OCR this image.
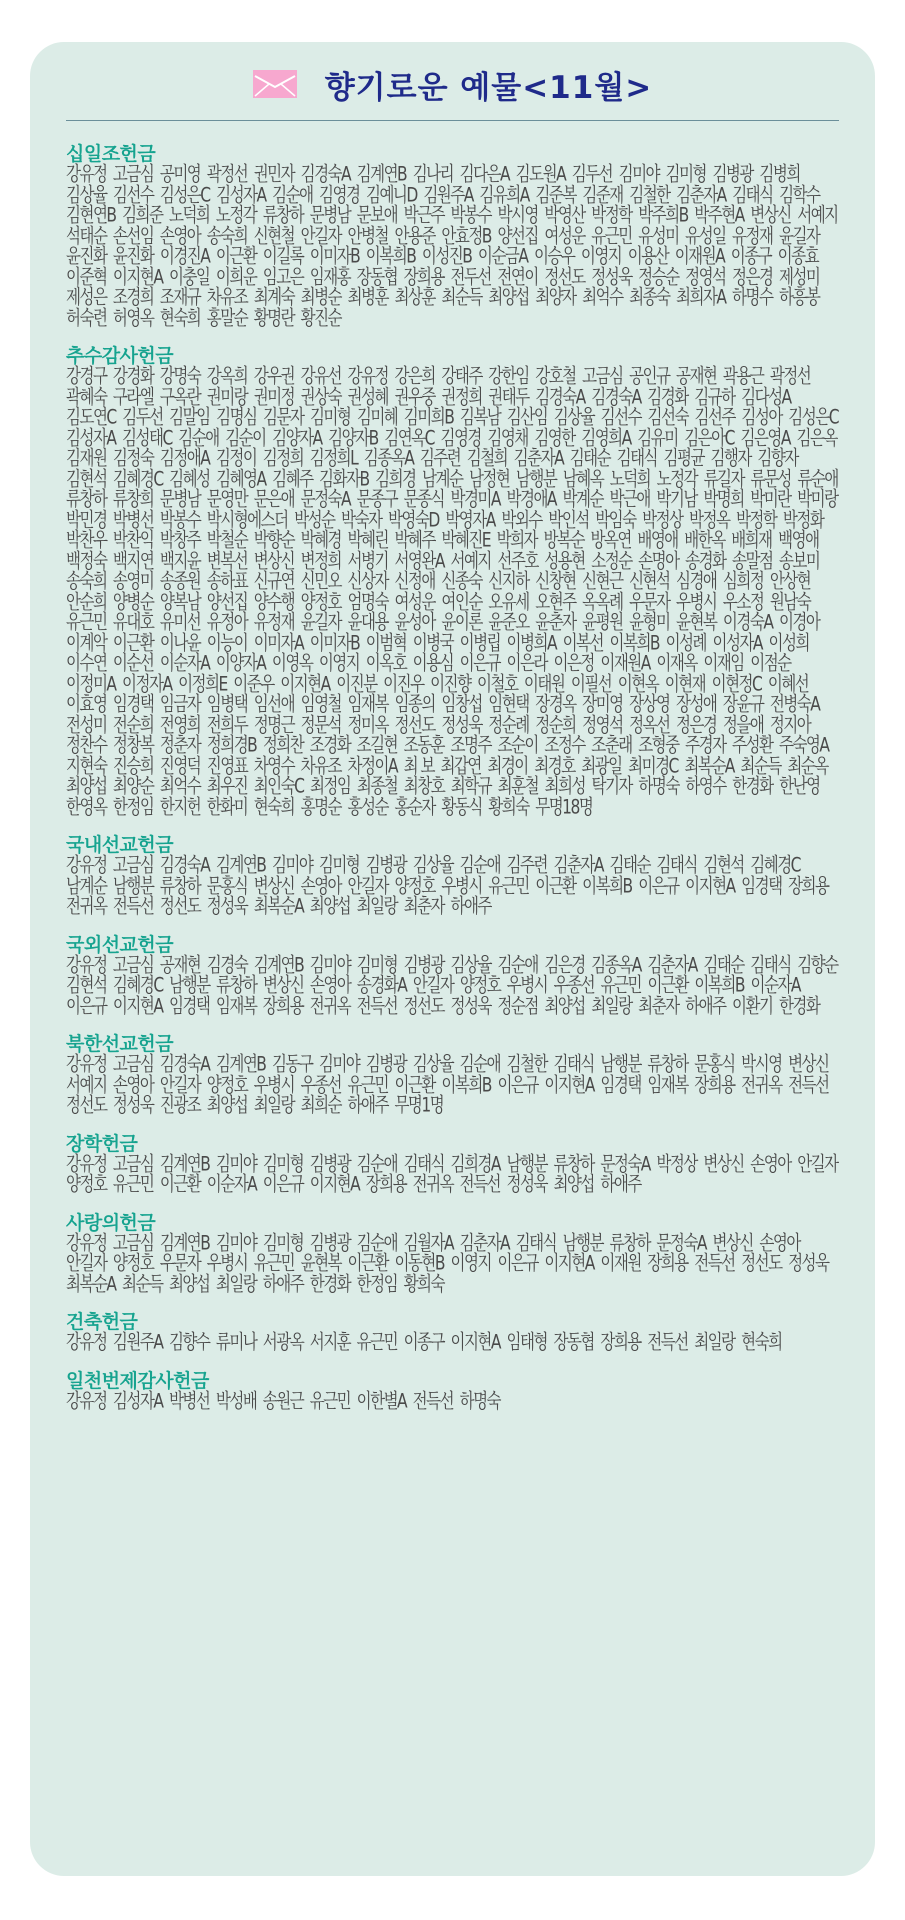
향기로운 예물<11월>
십일조헌금
강유정 고금심 공미영 곽정선 권민자 김경숙A 김계연B 김나리 김다은A 김도원A 김두선 김미야 김미형 김병광 김병희
김상율 김선수 김성은C 김성자A 김순애 김영경 김예니D 김원주A 김유희A 김준복 김준재 김철한 김춘자A 김태식 김학수
김현연B 김희준 노덕희 노정각 류창하 문병남 문보애 박근주 박봉수 박시영 박영산 박정학 박주희B 박주현A 변상신 서예지
석태순 손선임 손영아 송숙희 신현철 안길자 안병철 안용준 안효정B 양선집 여성운 유근민 유성미 유성일 유정재 윤길자
윤진화 윤진화 이경진A 이근환 이길록 이미자B 이복희B 이성진B 이순금A 이승우 이영지 이용산 이재원A 이종구 이종효
이준혁 이지현A 이충일 이희운 임고은 임재홍 장동협 장희용 전두선 전연이 정선도 정성욱 정승순 정영석 정은경 제성미
제성은 조경희 조재규 차유조 최계숙 최병순 최병훈 최상훈 최순득 최양섭 최양자 최억수 최종숙 최희자A 하명수 하흥봉
허숙련 허영옥 현숙희 홍말순 황명란 황진순
추수감사헌금
강경구 강경화 강명숙 강옥희 강우권 강유선 강유정 강은희 강태주 강한임 강호철 고금심 공인규 공재현 곽용근 곽정선
곽혜숙 구라엘 구옥란 권미랑 권미정 권상숙 권성혜 권우중 권정희 권태두 김경숙A 김경숙A 김경화 김규하 김다성A
김도연C 김두선 김말임 김명심 김문자 김미형 김미혜 김미희B 김복남 김산임 김상율 김선수 김선숙 김선주 김성아 김성은C
김성자A 김성태C 김순애 김순이 김양자A 김양자B 김연옥C 김영경 김영채 김영한 김영희A 김유미 김은아C 김은영A 김은옥
김재원 김정숙 김정애A 김정이 김정희 김정희L 김종옥A 김주련 김철희 김춘자A 김태순 김태식 김평균 김행자 김향자
김현석 김혜경C 김혜성 김혜영A 김혜주 김화자B 김희경 남계순 남정현 남행분 남혜옥 노덕희 노정각 류길자 류문성 류순애
류창하 류창희 문병남 문영만 문은애 문정숙A 문종구 문종식 박경미A 박경애A 박계순 박근애 박기남 박명희 박미란 박미랑
박민경 박병선 박봉수 박시형에스더 박성순 박숙자 박영숙D 박영자A 박외수 박인석 박임숙 박정상 박정옥 박정학 박정화
박찬우 박찬익 박창주 박철순 박향순 박혜경 박혜린 박혜주 박혜진E 박희자 방복순 방옥연 배영애 배한옥 배희재 백영애
백정숙 백지연 백지윤 변복선 변상신 변정희 서병기 서영완A 서예지 선주호 성용현 소정순 손명아 송경화 송말점 송보미
송숙희 송영미 송종원 송하표 신규연 신민오 신상자 신정애 신종숙 신지하 신창현 신현근 신현석 심경애 심희정 안상현
안순희 양병순 양복남 양선집 양수행 양정호 엄명숙 여성운 여인순 오유세 오현주 옥옥례 우문자 우병시 우소정 원남숙
유근민 유대호 유미선 유정아 유정재 윤길자 윤대용 윤성아 윤이론 윤준오 윤춘자 윤평원 윤형미 윤현복 이경숙A 이경아
이계악 이근환 이나윤 이능이 이미자A 이미자B 이범혁 이병국 이병립 이병희A 이복선 이복희B 이성례 이성자A 이성희
이수연 이순선 이순자A 이양자A 이영옥 이영지 이옥호 이용심 이은규 이은라 이은정 이재원A 이재옥 이재임 이점순
이정미A 이정자A 이정희E 이준우 이지현A 이진분 이진우 이진향 이철호 이태원 이필선 이현옥 이현재 이현정C 이혜선
이효영 임경택 임금자 임병택 임선애 임영철 임재복 임종의 임창섭 임현택 장경옥 장미영 장상영 장성애 장윤규 전병숙A
전성미 전순희 전영희 전희두 정명근 정문석 정미옥 정선도 정성욱 정순례 정순희 정영석 정옥선 정은경 정을애 정지아
정찬수 정창복 정춘자 정희경B 정희찬 조경화 조길현 조동훈 조명주 조순이 조정수 조춘래 조형중 주경자 주성환 주숙영A
지현숙 진승희 진영덕 진영표 차영수 차유조 차정이A 최 보 최갑연 최경이 최경호 최광일 최미경C 최복순A 최순득 최순옥
최양섭 최양순 최억수 최우진 최인숙C 최정임 최종철 최창호 최학규 최훈철 최희성 탁기자 하명숙 하영수 한경화 한난영
한영옥 한정임 한지헌 한화미 현숙희 홍명순 홍성순 홍순자 황동식 황희숙 무명18명
국내선교헌금
강유정 고금심 김경숙A 김계연B 김미야 김미형 김병광 김상율 김순애 김주련 김춘자A 김태순 김태식 김현석 김혜경C
남계순 남행분 류창하 문홍식 변상신 손영아 안길자 양정호 우병시 유근민 이근환 이복희B 이은규 이지현A 임경택 장희용
전귀옥 전득선 정선도 정성욱 최복순A 최양섭 최일랑 최춘자 하애주
국외선교헌금
강유정 고금심 공재현 김경숙 김계연B 김미야 김미형 김병광 김상율 김순애 김은경 김종옥A 김춘자A 김태순 김태식 김향순
김현석 김혜경C 남행분 류창하 변상신 손영아 송경화A 안길자 양정호 우병시 우종선 유근민 이근환 이복희B 이순자A
이은규 이지현A 임경택 임재복 장희용 전귀옥 전득선 정선도 정성욱 정순점 최양섭 최일랑 최춘자 하애주 이환기 한경화
북한선교헌금
강유정 고금심 김경숙A 김계연B 김동구 김미야 김병광 김상율 김순애 김철한 김태식 남행분 류창하 문홍식 박시영 변상신
서예지 손영아 안길자 양정호 우병시 우종선 유근민 이근환 이복희B 이은규 이지현A 임경택 임재복 장희용 전귀옥 전득선
정선도 정성욱 진광조 최양섭 최일랑 최희순 하애주 무명1명
장학헌금
강유정 고금심 김계연B 김미야 김미형 김병광 김순애 김태식 김희경A 남행분 류창하 문정숙A 박정상 변상신 손영아 안길자
양정호 유근민 이근환 이순자A 이은규 이지현A 장희용 전귀옥 전득선 정성욱 최양섭 하애주
사랑의헌금
강유정 고금심 김계연B 김미야 김미형 김병광 김순애 김월자A 김춘자A 김태식 남행분 류창하 문정숙A 변상신 손영아
안길자 양정호 우문자 우병시 유근민 윤현복 이근환 이동현B 이영지 이은규 이지현A 이재원 장희용 전득선 정선도 정성욱
최복순A 최순득 최양섭 최일랑 하애주 한경화 한정임 황희숙
건축헌금
강유정 김원주A 김향수 류미나 서광옥 서지훈 유근민 이종구 이지현A 임태형 장동협 장희용 전득선 최일랑 현숙희
일천번제감사헌금
강유정 김성자A 박병선 박성배 송원근 유근민 이한별A 전득선 하명숙
